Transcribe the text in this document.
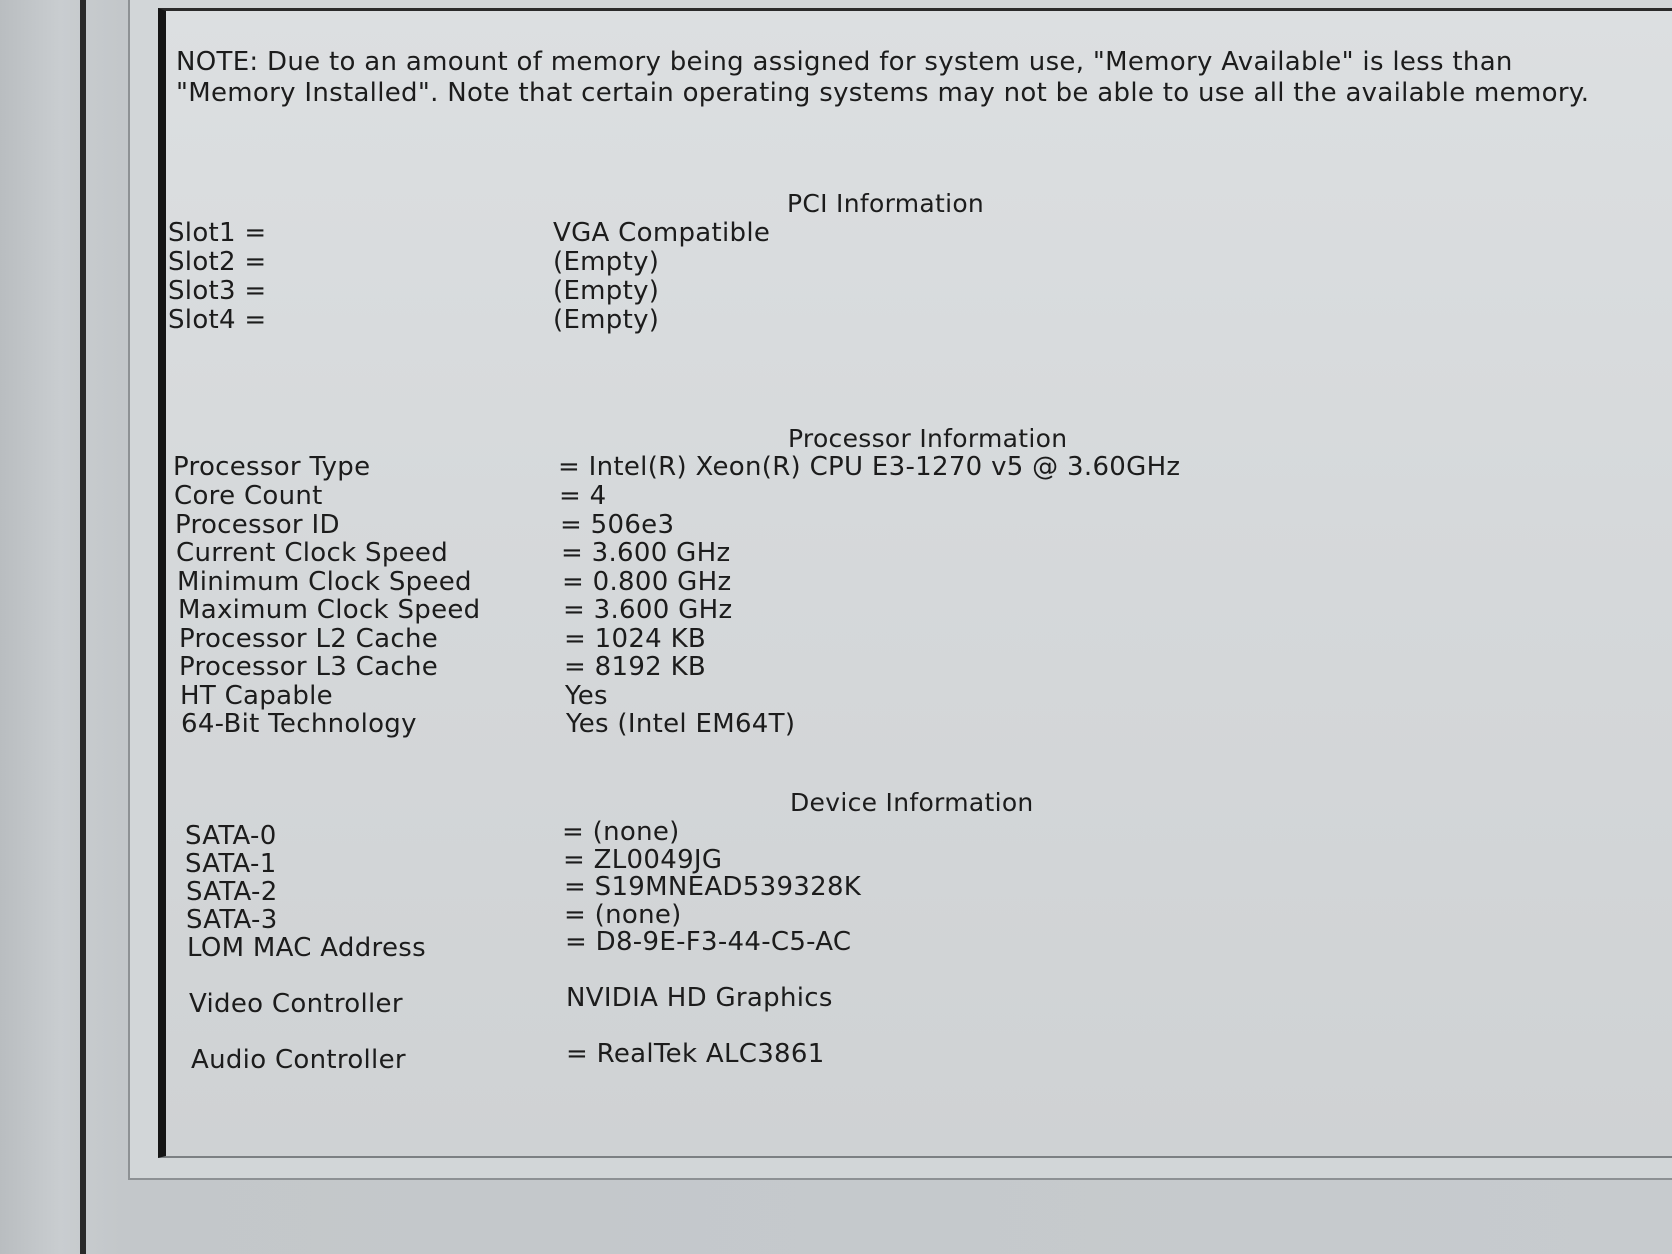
NOTE: Due to an amount of memory being assigned for system use, "Memory Available" is less than "Memory Installed". Note that certain operating systems may not be able to use all the available memory.
PCI Information
Slot1 =	VGA Compatible
Slot2 =	(Empty)
Slot3 =	(Empty)
Slot4 =	(Empty)
Processor Information
Processor Type	= Intel(R) Xeon(R) CPU E3-1270 v5 @ 3.60GHz
Core Count	= 4
Processor ID	= 506e3
Current Clock Speed	= 3.600 GHz
Minimum Clock Speed	= 0.800 GHz
Maximum Clock Speed	= 3.600 GHz
Processor L2 Cache	= 1024 KB
Processor L3 Cache	= 8192 KB
HT Capable	Yes
64-Bit Technology	Yes (Intel EM64T)
Device Information
SATA-0	= (none)
SATA-1	= ZL0049JG
SATA-2	= S19MNEAD539328K
SATA-3	= (none)
LOM MAC Address	= D8-9E-F3-44-C5-AC
Video Controller	NVIDIA HD Graphics
Audio Controller	= RealTek ALC3861
